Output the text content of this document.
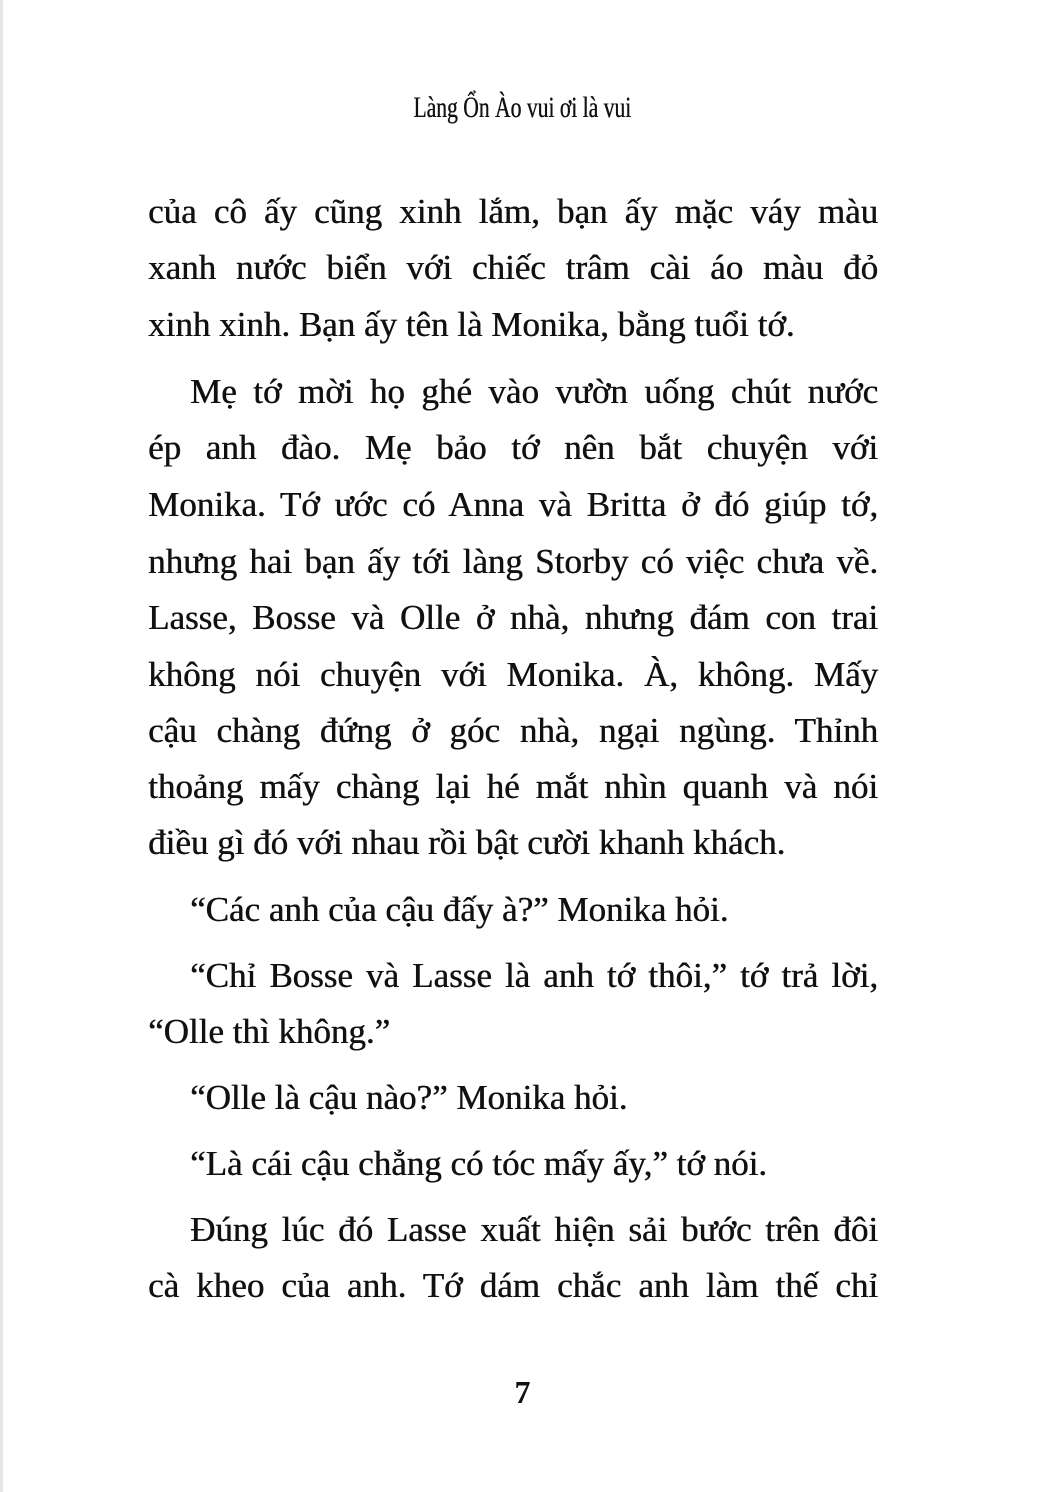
Làng Ổn Ào vui ơi là vui
của cô ấy cũng xinh lắm, bạn ấy mặc váy màu
xanh nước biển với chiếc trâm cài áo màu đỏ
xinh xinh. Bạn ấy tên là Monika, bằng tuổi tớ.
Mẹ tớ mời họ ghé vào vườn uống chút nước
ép anh đào. Mẹ bảo tớ nên bắt chuyện với
Monika. Tớ ước có Anna và Britta ở đó giúp tớ,
nhưng hai bạn ấy tới làng Storby có việc chưa về.
Lasse, Bosse và Olle ở nhà, nhưng đám con trai
không nói chuyện với Monika. À, không. Mấy
cậu chàng đứng ở góc nhà, ngại ngùng. Thỉnh
thoảng mấy chàng lại hé mắt nhìn quanh và nói
điều gì đó với nhau rồi bật cười khanh khách.
“Các anh của cậu đấy à?” Monika hỏi.
“Chỉ Bosse và Lasse là anh tớ thôi,” tớ trả lời,
“Olle thì không.”
“Olle là cậu nào?” Monika hỏi.
“Là cái cậu chẳng có tóc mấy ấy,” tớ nói.
Đúng lúc đó Lasse xuất hiện sải bước trên đôi
cà kheo của anh. Tớ dám chắc anh làm thế chỉ
7
